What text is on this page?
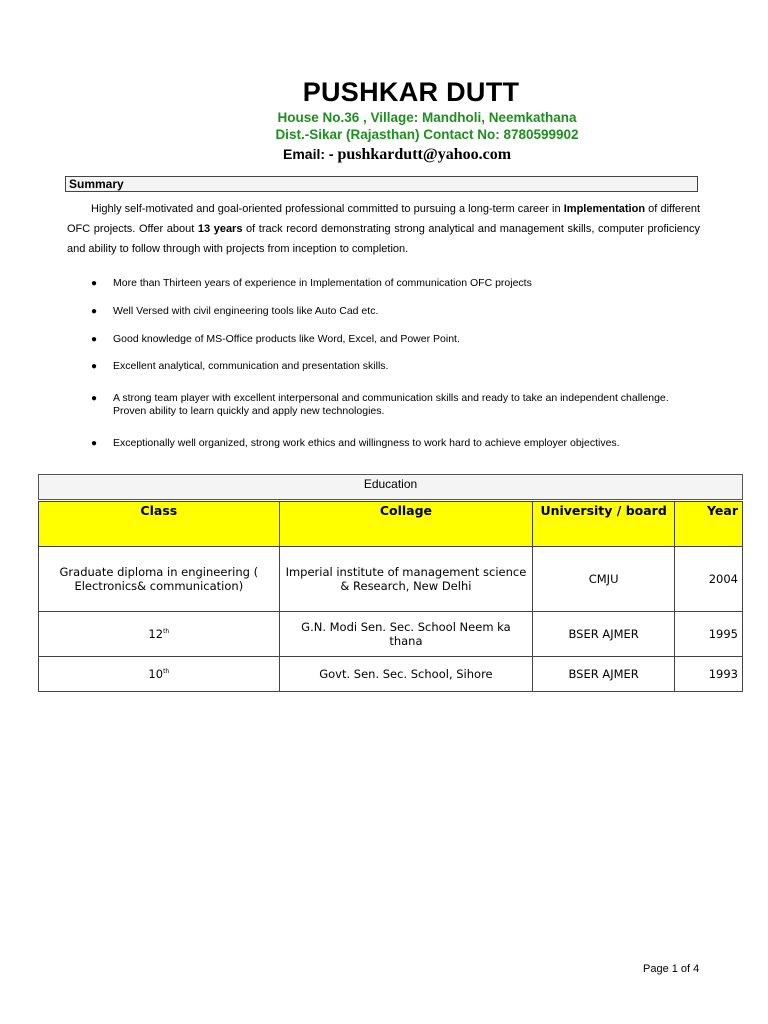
PUSHKAR DUTT
House No.36 , Village: Mandholi, Neemkathana
Dist.-Sikar (Rajasthan) Contact No: 8780599902
Email: - pushkardutt@yahoo.com
Summary

Highly self-motivated and goal-oriented professional committed to pursuing a long-term career in Implementation of different OFC projects. Offer about 13 years of track record demonstrating strong analytical and management skills, computer proficiency and ability to follow through with projects from inception to completion.

● More than Thirteen years of experience in Implementation of communication OFC projects
● Well Versed with civil engineering tools like Auto Cad etc.
● Good knowledge of MS-Office products like Word, Excel, and Power Point.
● Excellent analytical, communication and presentation skills.
● A strong team player with excellent interpersonal and communication skills and ready to take an independent challenge. Proven ability to learn quickly and apply new technologies.
● Exceptionally well organized, strong work ethics and willingness to work hard to achieve employer objectives.
Education
Class	Collage	University / board	Year
Graduate diploma in engineering ( Electronics& communication)	Imperial institute of management science & Research, New Delhi	CMJU	2004
12th	G.N. Modi Sen. Sec. School Neem ka thana	BSER AJMER	1995
10th	Govt. Sen. Sec. School, Sihore	BSER AJMER	1993
Page 1 of 4
